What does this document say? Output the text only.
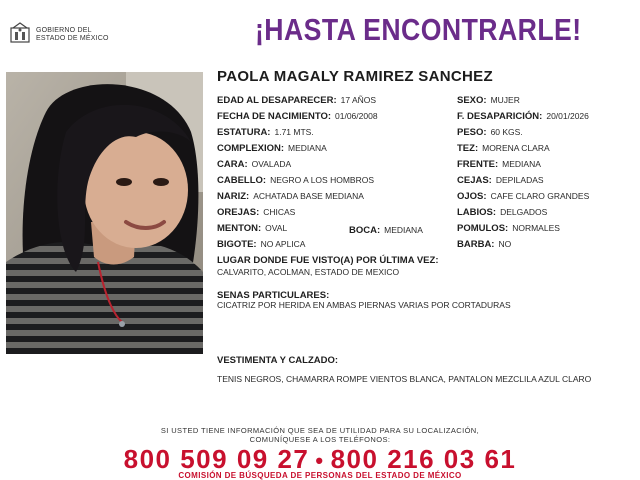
GOBIERNO DEL
ESTADO DE MÉXICO	¡HASTA ENCONTRARLE!
PAOLA MAGALY RAMIREZ SANCHEZ
EDAD AL DESAPARECER: 17 AÑOS
FECHA DE NACIMIENTO: 01/06/2008
ESTATURA: 1.71 MTS.
COMPLEXION: MEDIANA
CARA: OVALADA
CABELLO: NEGRO A LOS HOMBROS
NARIZ: ACHATADA BASE MEDIANA
OREJAS: CHICAS
MENTON: OVAL	BOCA: MEDIANA
BIGOTE: NO APLICA
SEXO: MUJER
F. DESAPARICIÓN: 20/01/2026
PESO: 60 KGS.
TEZ: MORENA CLARA
FRENTE: MEDIANA
CEJAS: DEPILADAS
OJOS: CAFE CLARO GRANDES
LABIOS: DELGADOS
POMULOS: NORMALES
BARBA: NO
LUGAR DONDE FUE VISTO(A) POR ÚLTIMA VEZ:
CALVARITO, ACOLMAN, ESTADO DE MEXICO
SENAS PARTICULARES:
CICATRIZ POR HERIDA EN AMBAS PIERNAS VARIAS POR CORTADURAS
VESTIMENTA Y CALZADO:
TENIS NEGROS, CHAMARRA ROMPE VIENTOS BLANCA, PANTALON MEZCLILA AZUL CLARO
SI USTED TIENE INFORMACIÓN QUE SEA DE UTILIDAD PARA SU LOCALIZACIÓN,
COMUNÍQUESE A LOS TELÉFONOS:
800 509 09 27 • 800 216 03 61
COMISIÓN DE BÚSQUEDA DE PERSONAS DEL ESTADO DE MÉXICO
